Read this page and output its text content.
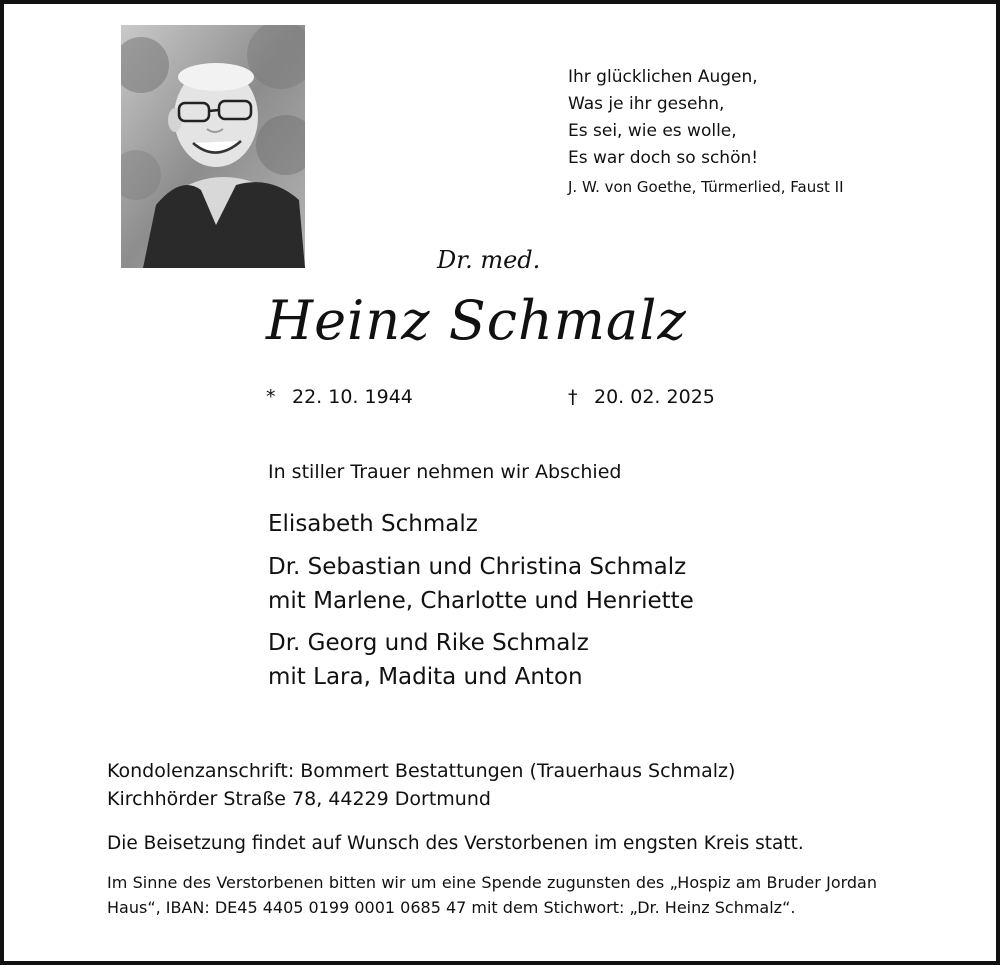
Ihr glücklichen Augen,
Was je ihr gesehn,
Es sei, wie es wolle,
Es war doch so schön!
J. W. von Goethe, Türmerlied, Faust II
Dr. med.
Heinz Schmalz
* 22. 10. 1944	† 20. 02. 2025
In stiller Trauer nehmen wir Abschied
Elisabeth Schmalz
Dr. Sebastian und Christina Schmalz
mit Marlene, Charlotte und Henriette
Dr. Georg und Rike Schmalz
mit Lara, Madita und Anton
Kondolenzanschrift: Bommert Bestattungen (Trauerhaus Schmalz)
Kirchhörder Straße 78, 44229 Dortmund
Die Beisetzung findet auf Wunsch des Verstorbenen im engsten Kreis statt.
Im Sinne des Verstorbenen bitten wir um eine Spende zugunsten des „Hospiz am Bruder Jordan Haus“, IBAN: DE45 4405 0199 0001 0685 47 mit dem Stichwort: „Dr. Heinz Schmalz“.
